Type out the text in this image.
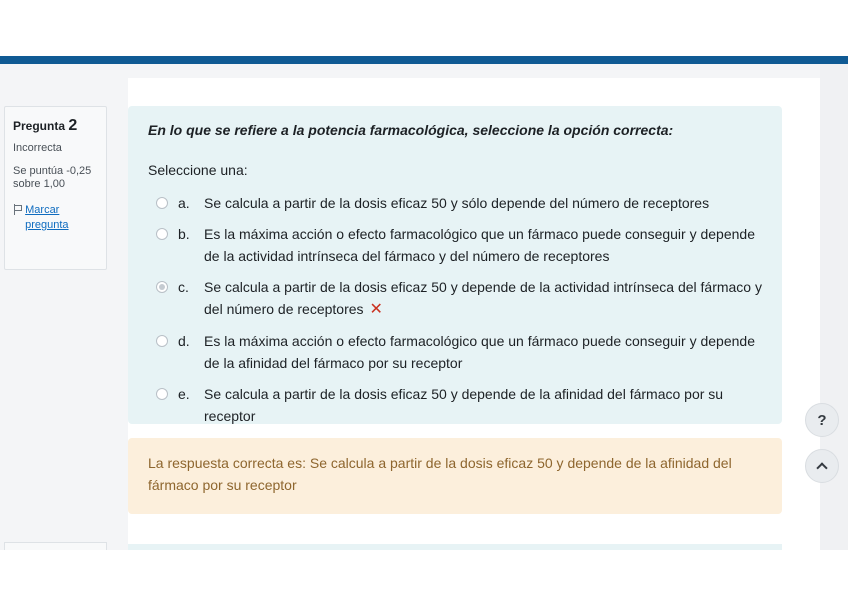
Pregunta 2
Incorrecta
Se puntúa -0,25 sobre 1,00
Marcar pregunta
En lo que se refiere a la potencia farmacológica, seleccione la opción correcta:
Seleccione una:
a.	Se calcula a partir de la dosis eficaz 50 y sólo depende del número de receptores
b.	Es la máxima acción o efecto farmacológico que un fármaco puede conseguir y depende de la actividad intrínseca del fármaco y del número de receptores
c.	Se calcula a partir de la dosis eficaz 50 y depende de la actividad intrínseca del fármaco y del número de receptores ✕
d.	Es la máxima acción o efecto farmacológico que un fármaco puede conseguir y depende de la afinidad del fármaco por su receptor
e.	Se calcula a partir de la dosis eficaz 50 y depende de la afinidad del fármaco por su receptor
La respuesta correcta es: Se calcula a partir de la dosis eficaz 50 y depende de la afinidad del fármaco por su receptor
?
